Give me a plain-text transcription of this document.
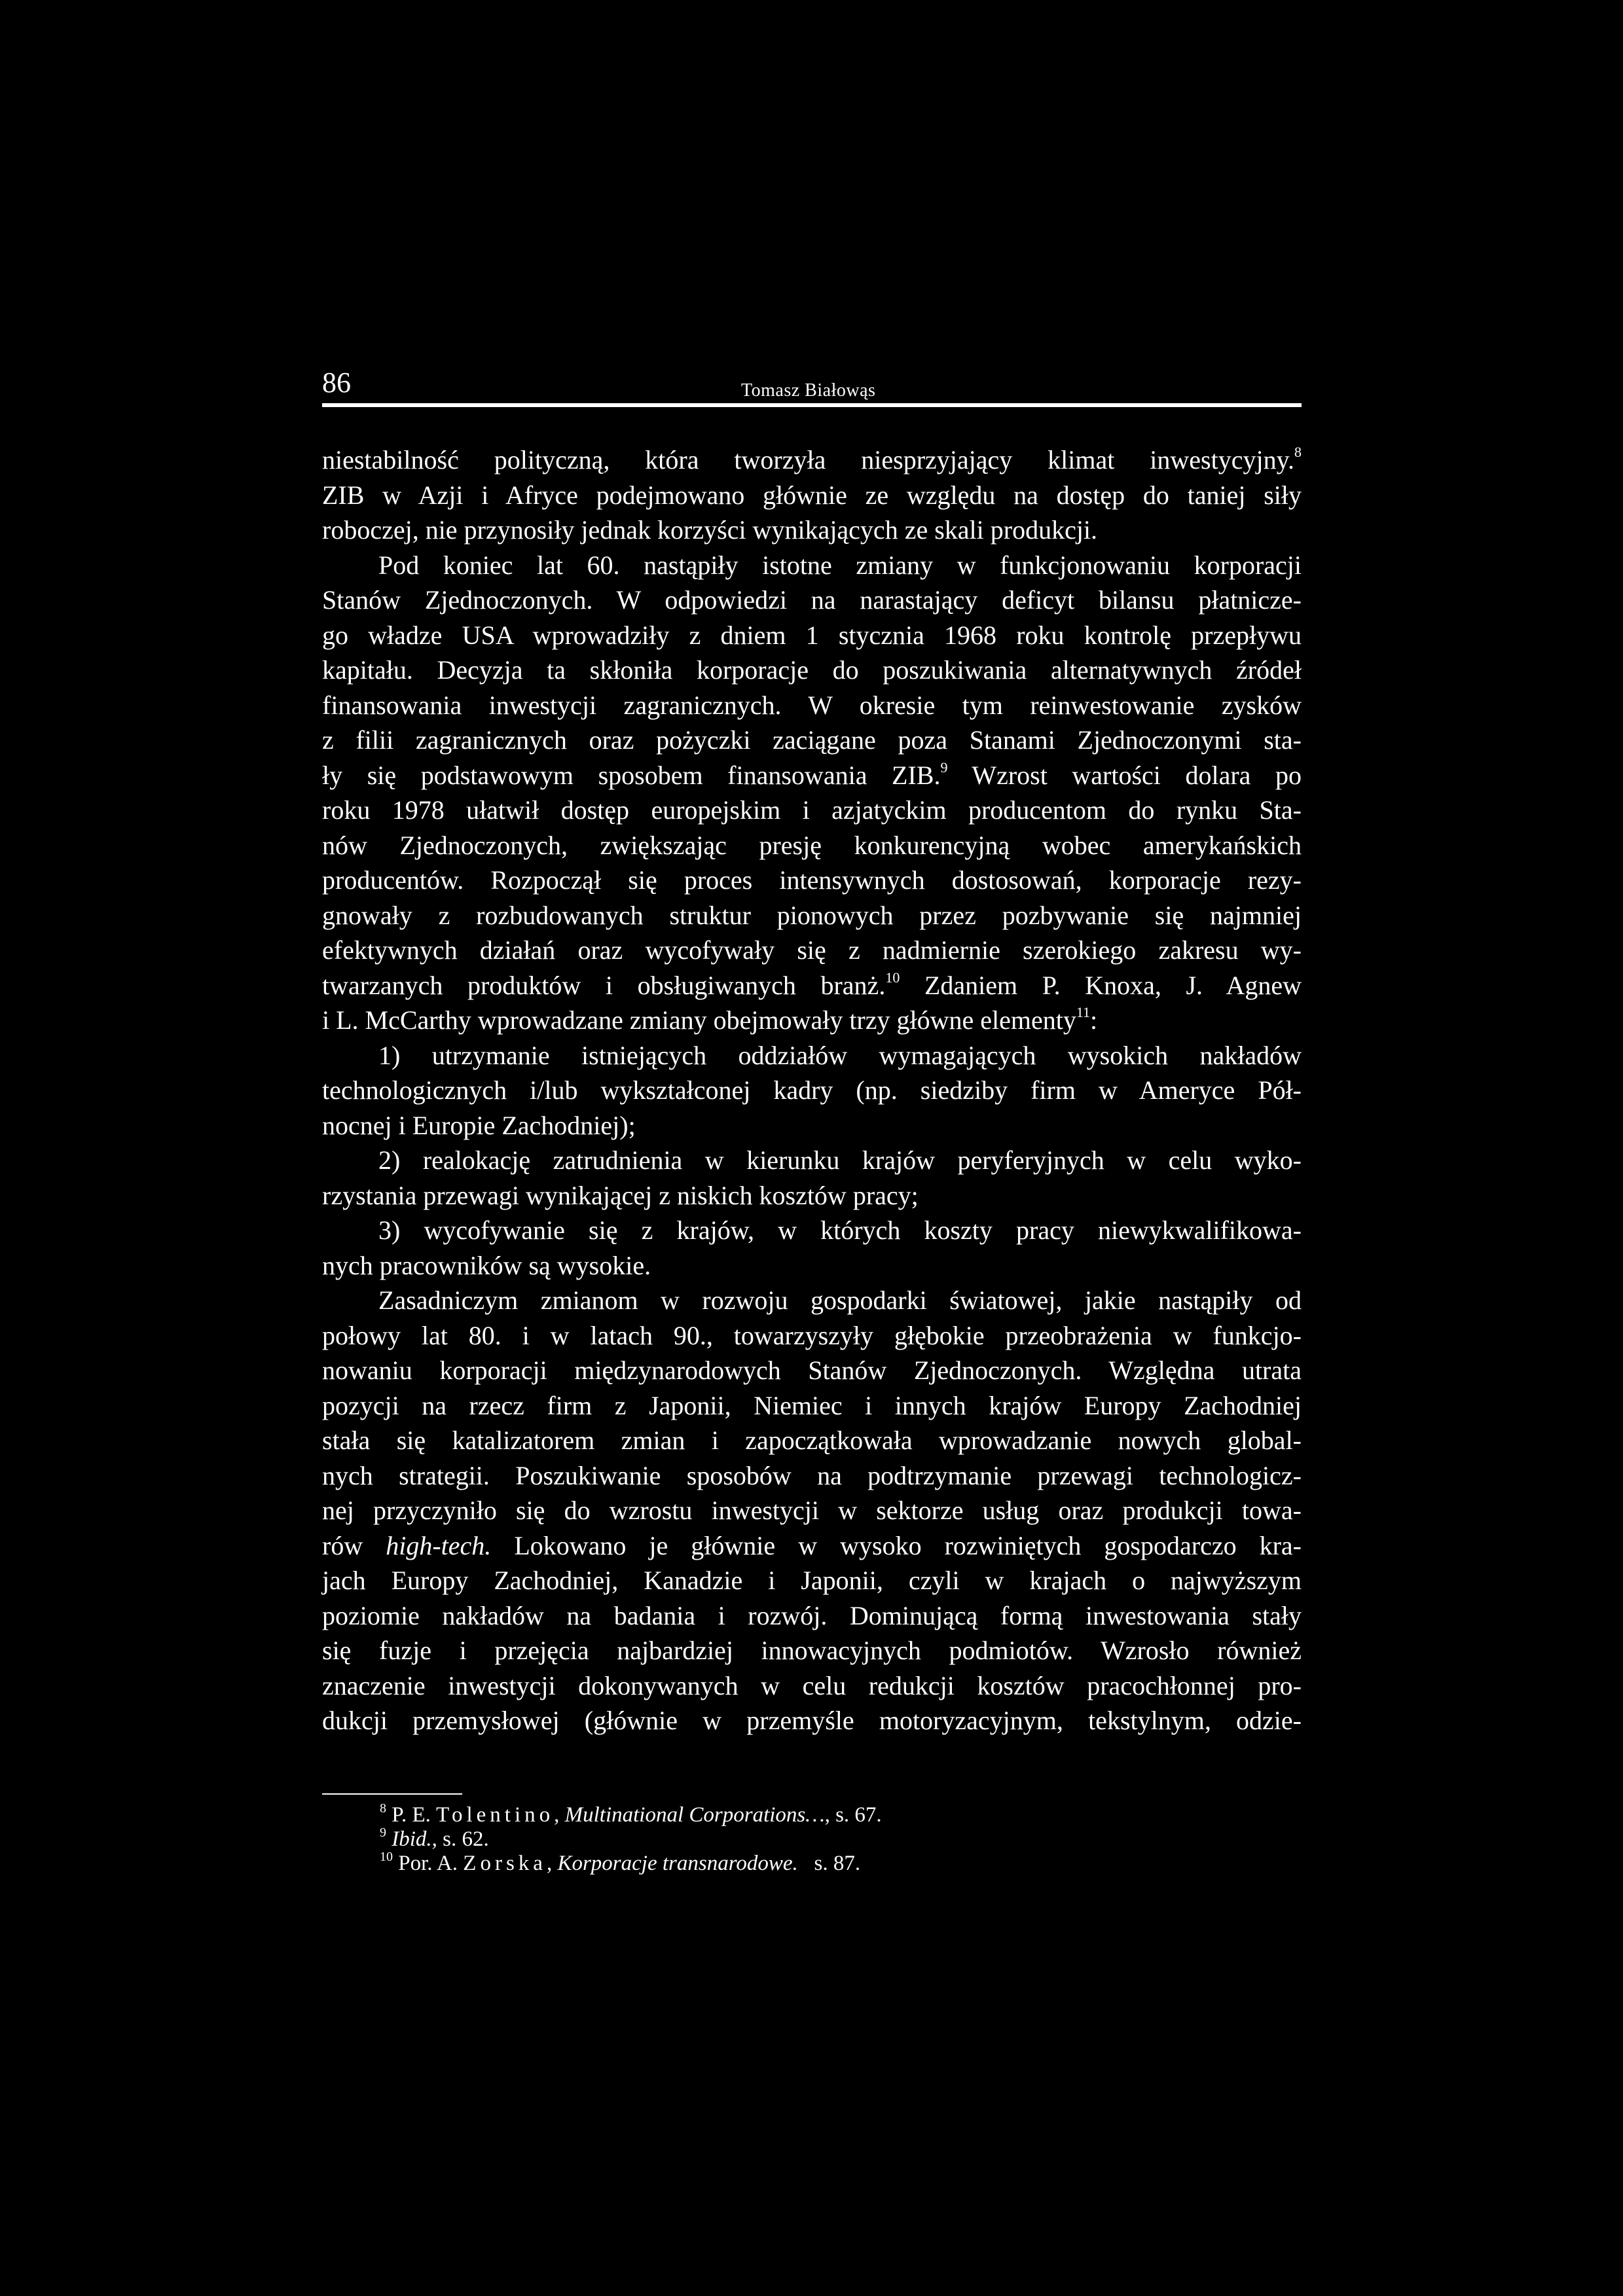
86	Tomasz Białowąs
niestabilność polityczną, która tworzyła niesprzyjający klimat inwestycyjny.$^8$
ZIB w Azji i Afryce podejmowano głównie ze względu na dostęp do taniej siły
roboczej, nie przynosiły jednak korzyści wynikających ze skali produkcji.
Pod koniec lat 60. nastąpiły istotne zmiany w funkcjonowaniu korporacji
Stanów Zjednoczonych. W odpowiedzi na narastający deficyt bilansu płatnicze-
go władze USA wprowadziły z dniem 1 stycznia 1968 roku kontrolę przepływu
kapitału. Decyzja ta skłoniła korporacje do poszukiwania alternatywnych źródeł
finansowania inwestycji zagranicznych. W okresie tym reinwestowanie zysków
z filii zagranicznych oraz pożyczki zaciągane poza Stanami Zjednoczonymi sta-
ły się podstawowym sposobem finansowania ZIB.$^9$ Wzrost wartości dolara po
roku 1978 ułatwił dostęp europejskim i azjatyckim producentom do rynku Sta-
nów Zjednoczonych, zwiększając presję konkurencyjną wobec amerykańskich
producentów. Rozpoczął się proces intensywnych dostosowań, korporacje rezy-
gnowały z rozbudowanych struktur pionowych przez pozbywanie się najmniej
efektywnych działań oraz wycofywały się z nadmiernie szerokiego zakresu wy-
twarzanych produktów i obsługiwanych branż.$^{10}$ Zdaniem P. Knoxa, J. Agnew
i L. McCarthy wprowadzane zmiany obejmowały trzy główne elementy$^{11}$:
1) utrzymanie istniejących oddziałów wymagających wysokich nakładów
technologicznych i/lub wykształconej kadry (np. siedziby firm w Ameryce Pół-
nocnej i Europie Zachodniej);
2) realokację zatrudnienia w kierunku krajów peryferyjnych w celu wyko-
rzystania przewagi wynikającej z niskich kosztów pracy;
3) wycofywanie się z krajów, w których koszty pracy niewykwalifikowa-
nych pracowników są wysokie.
Zasadniczym zmianom w rozwoju gospodarki światowej, jakie nastąpiły od
połowy lat 80. i w latach 90., towarzyszyły głębokie przeobrażenia w funkcjo-
nowaniu korporacji międzynarodowych Stanów Zjednoczonych. Względna utrata
pozycji na rzecz firm z Japonii, Niemiec i innych krajów Europy Zachodniej
stała się katalizatorem zmian i zapoczątkowała wprowadzanie nowych global-
nych strategii. Poszukiwanie sposobów na podtrzymanie przewagi technologicz-
nej przyczyniło się do wzrostu inwestycji w sektorze usług oraz produkcji towa-
rów high-tech. Lokowano je głównie w wysoko rozwiniętych gospodarczo kra-
jach Europy Zachodniej, Kanadzie i Japonii, czyli w krajach o najwyższym
poziomie nakładów na badania i rozwój. Dominującą formą inwestowania stały
się fuzje i przejęcia najbardziej innowacyjnych podmiotów. Wzrosło również
znaczenie inwestycji dokonywanych w celu redukcji kosztów pracochłonnej pro-
dukcji przemysłowej (głównie w przemyśle motoryzacyjnym, tekstylnym, odzie-
$^8$ P. E. Tolentino, Multinational Corporations…, s. 67.
$^9$ Ibid., s. 62.
$^{10}$ Por. A. Zorska, Korporacje transnarodowe.   s. 87.
